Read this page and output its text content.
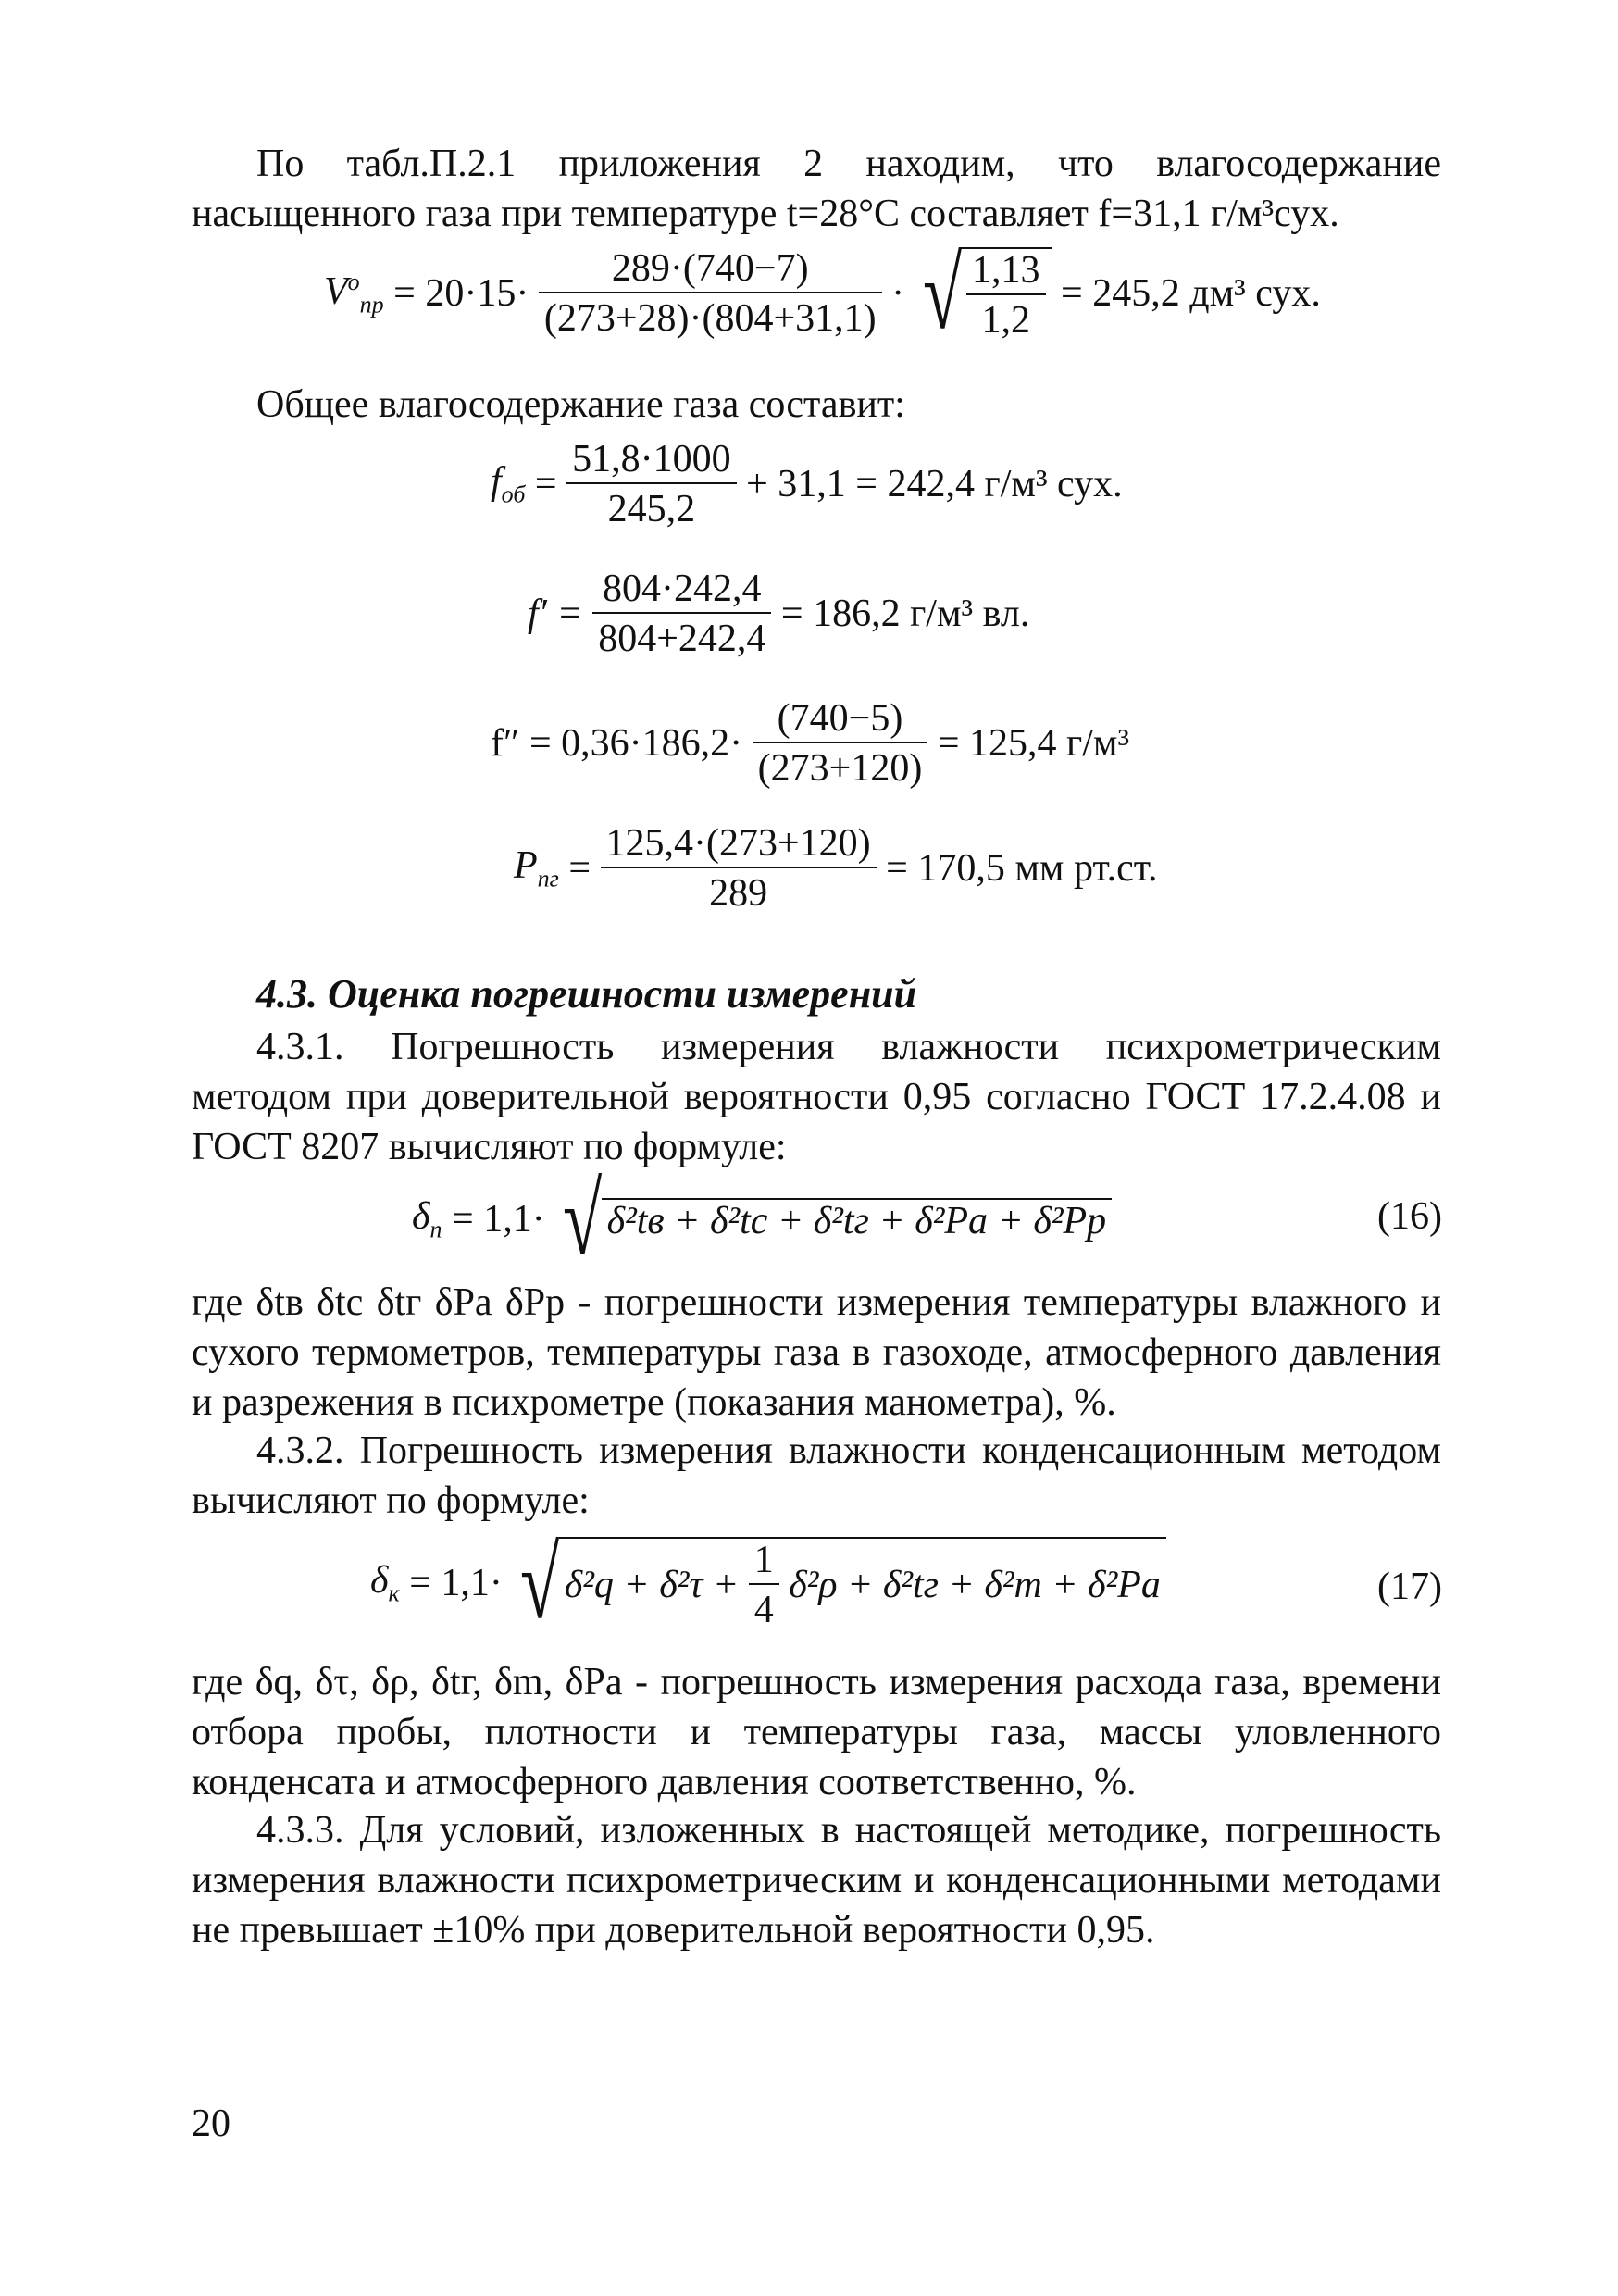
По табл.П.2.1 приложения 2 находим, что влагосодержание насыщенного газа при температуре t=28°С составляет f=31,1 г/м³сух.

$V^о_{пр} = 20\cdot 15\cdot \frac{289\cdot(740-7)}{(273+28)\cdot(804+31,1)}$ · √ $\frac{1,13}{1,2} = 245,2$ дм³ сух.

Общее влагосодержание газа составит:

$f_{об} = \frac{51,8\cdot 1000}{245,2} + 31,1 = 242,4$ г/м³ сух.
$f' = \frac{804\cdot 242,4}{804+242,4} = 186,2$ г/м³ вл.
$f'' = 0,36\cdot 186,2\cdot \frac{(740-5)}{(273+120)} = 125,4$ г/м³
$P_{пг} = \frac{125,4\cdot(273+120)}{289} = 170,5$ мм рт.ст.
4.3. Оценка погрешности измерений

4.3.1. Погрешность измерения влажности психрометрическим методом при доверительной вероятности 0,95 согласно ГОСТ 17.2.4.08 и ГОСТ 8207 вычисляют по формуле:

$\delta_п = 1,1\cdot$ √ δ²tв + δ²tс + δ²tг + δ²Pа + δ²Pр	(16)

где δtв δtс δtг δPа δPр - погрешности измерения температуры влажного и сухого термометров, температуры газа в газоходе, атмосферного давления и разрежения в психрометре (показания манометра), %.

4.3.2. Погрешность измерения влажности конденсационным методом вычисляют по формуле:

$\delta_к = 1,1\cdot$ √ $\delta^2q + \delta^2\tau + \frac{1}{4} \delta^2\rho + \delta^2tг + \delta^2m + \delta^2Pа$	(17)

где δq, δτ, δρ, δtг, δm, δPа - погрешность измерения расхода газа, времени отбора пробы, плотности и температуры газа, массы уловленного конденсата и атмосферного давления соответственно, %.

4.3.3. Для условий, изложенных в настоящей методике, погрешность измерения влажности психрометрическим и конденсационными методами не превышает ±10% при доверительной вероятности 0,95.

20
